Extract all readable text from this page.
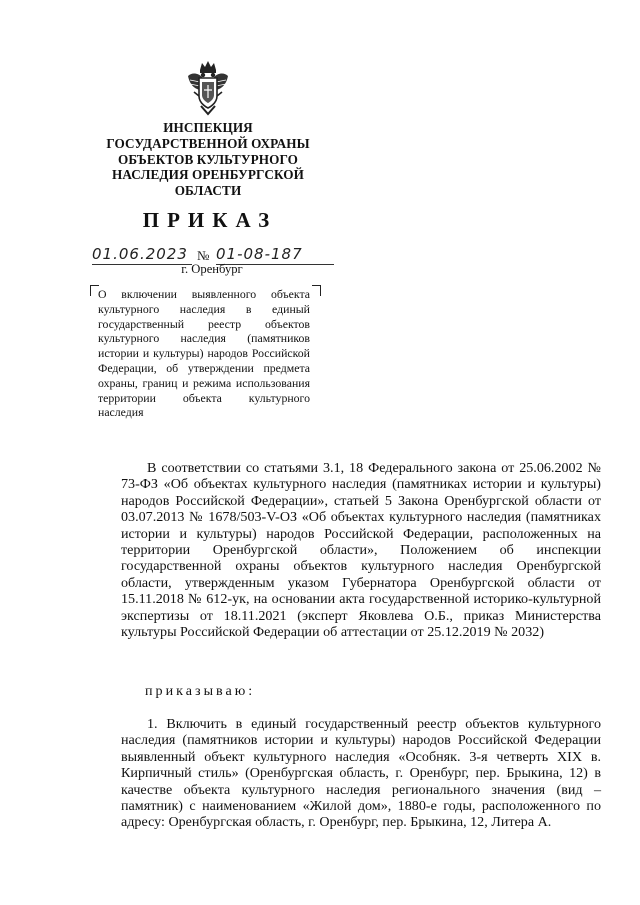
ИНСПЕКЦИЯ
ГОСУДАРСТВЕННОЙ ОХРАНЫ
ОБЪЕКТОВ КУЛЬТУРНОГО
НАСЛЕДИЯ ОРЕНБУРГСКОЙ
ОБЛАСТИ
ПРИКАЗ
01.06.2023 № 01-08-187
г. Оренбург
О включении выявленного объекта культурного наследия в единый государственный реестр объектов культурного наследия (памятников истории и культуры) народов Российской Федерации, об утверждении предмета охраны, границ и режима использования территории объекта культурного наследия

В соответствии со статьями 3.1, 18 Федерального закона от 25.06.2002 № 73-ФЗ «Об объектах культурного наследия (памятниках истории и культуры) народов Российской Федерации», статьей 5 Закона Оренбургской области от 03.07.2013 № 1678/503-V-ОЗ «Об объектах культурного наследия (памятниках истории и культуры) народов Российской Федерации, расположенных на территории Оренбургской области», Положением об инспекции государственной охраны объектов культурного наследия Оренбургской области, утвержденным указом Губернатора Оренбургской области от 15.11.2018 № 612-ук, на основании акта государственной историко-культурной экспертизы от 18.11.2021 (эксперт Яковлева О.Б., приказ Министерства культуры Российской Федерации об аттестации от 25.12.2019 № 2032)

приказываю:

1. Включить в единый государственный реестр объектов культурного наследия (памятников истории и культуры) народов Российской Федерации выявленный объект культурного наследия «Особняк. 3-я четверть XIX в. Кирпичный стиль» (Оренбургская область, г. Оренбург, пер. Брыкина, 12) в качестве объекта культурного наследия регионального значения (вид – памятник) с наименованием «Жилой дом», 1880-е годы, расположенного по адресу: Оренбургская область, г. Оренбург, пер. Брыкина, 12, Литера А.
